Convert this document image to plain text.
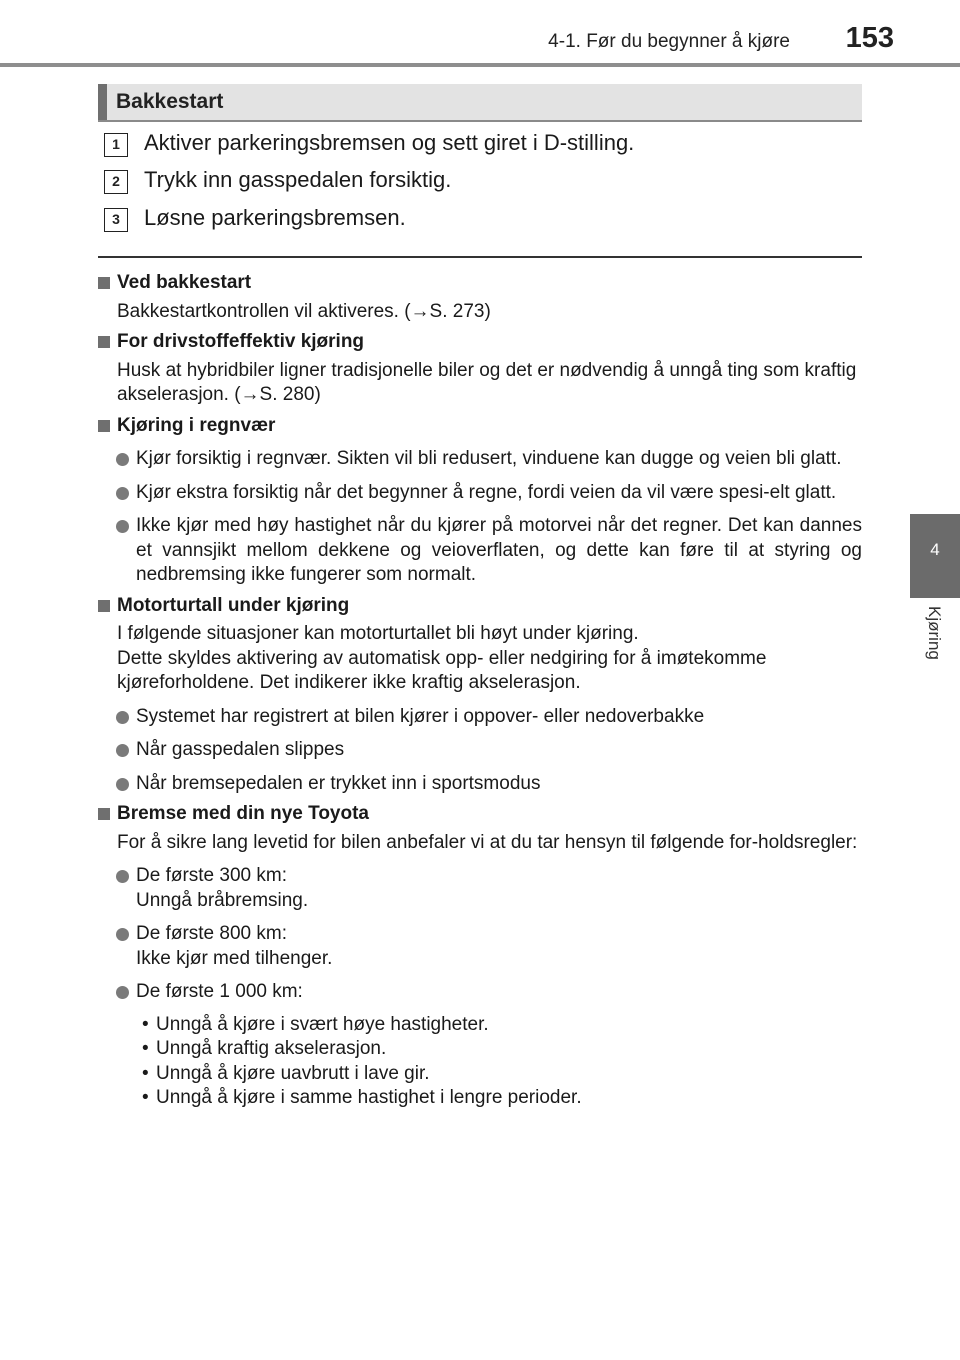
4-1. Før du begynner å kjøre 153
4
Kjøring
Bakkestart
1	Aktiver parkeringsbremsen og sett giret i D-stilling.
2	Trykk inn gasspedalen forsiktig.
3	Løsne parkeringsbremsen.
Ved bakkestart
Bakkestartkontrollen vil aktiveres. (→S. 273)
For drivstoffeffektiv kjøring
Husk at hybridbiler ligner tradisjonelle biler og det er nødvendig å unngå ting som kraftig akselerasjon. (→S. 280)
Kjøring i regnvær
Kjør forsiktig i regnvær. Sikten vil bli redusert, vinduene kan dugge og veien bli glatt.
Kjør ekstra forsiktig når det begynner å regne, fordi veien da vil være spesi-elt glatt.
Ikke kjør med høy hastighet når du kjører på motorvei når det regner. Det kan dannes et vannsjikt mellom dekkene og veioverflaten, og dette kan føre til at styring og nedbremsing ikke fungerer som normalt.
Motorturtall under kjøring
I følgende situasjoner kan motorturtallet bli høyt under kjøring.
Dette skyldes aktivering av automatisk opp- eller nedgiring for å imøtekomme kjøreforholdene. Det indikerer ikke kraftig akselerasjon.
Systemet har registrert at bilen kjører i oppover- eller nedoverbakke
Når gasspedalen slippes
Når bremsepedalen er trykket inn i sportsmodus
Bremse med din nye Toyota
For å sikre lang levetid for bilen anbefaler vi at du tar hensyn til følgende for-holdsregler:
De første 300 km:
Unngå bråbremsing.
De første 800 km:
Ikke kjør med tilhenger.
De første 1 000 km:
• Unngå å kjøre i svært høye hastigheter.
• Unngå kraftig akselerasjon.
• Unngå å kjøre uavbrutt i lave gir.
• Unngå å kjøre i samme hastighet i lengre perioder.
